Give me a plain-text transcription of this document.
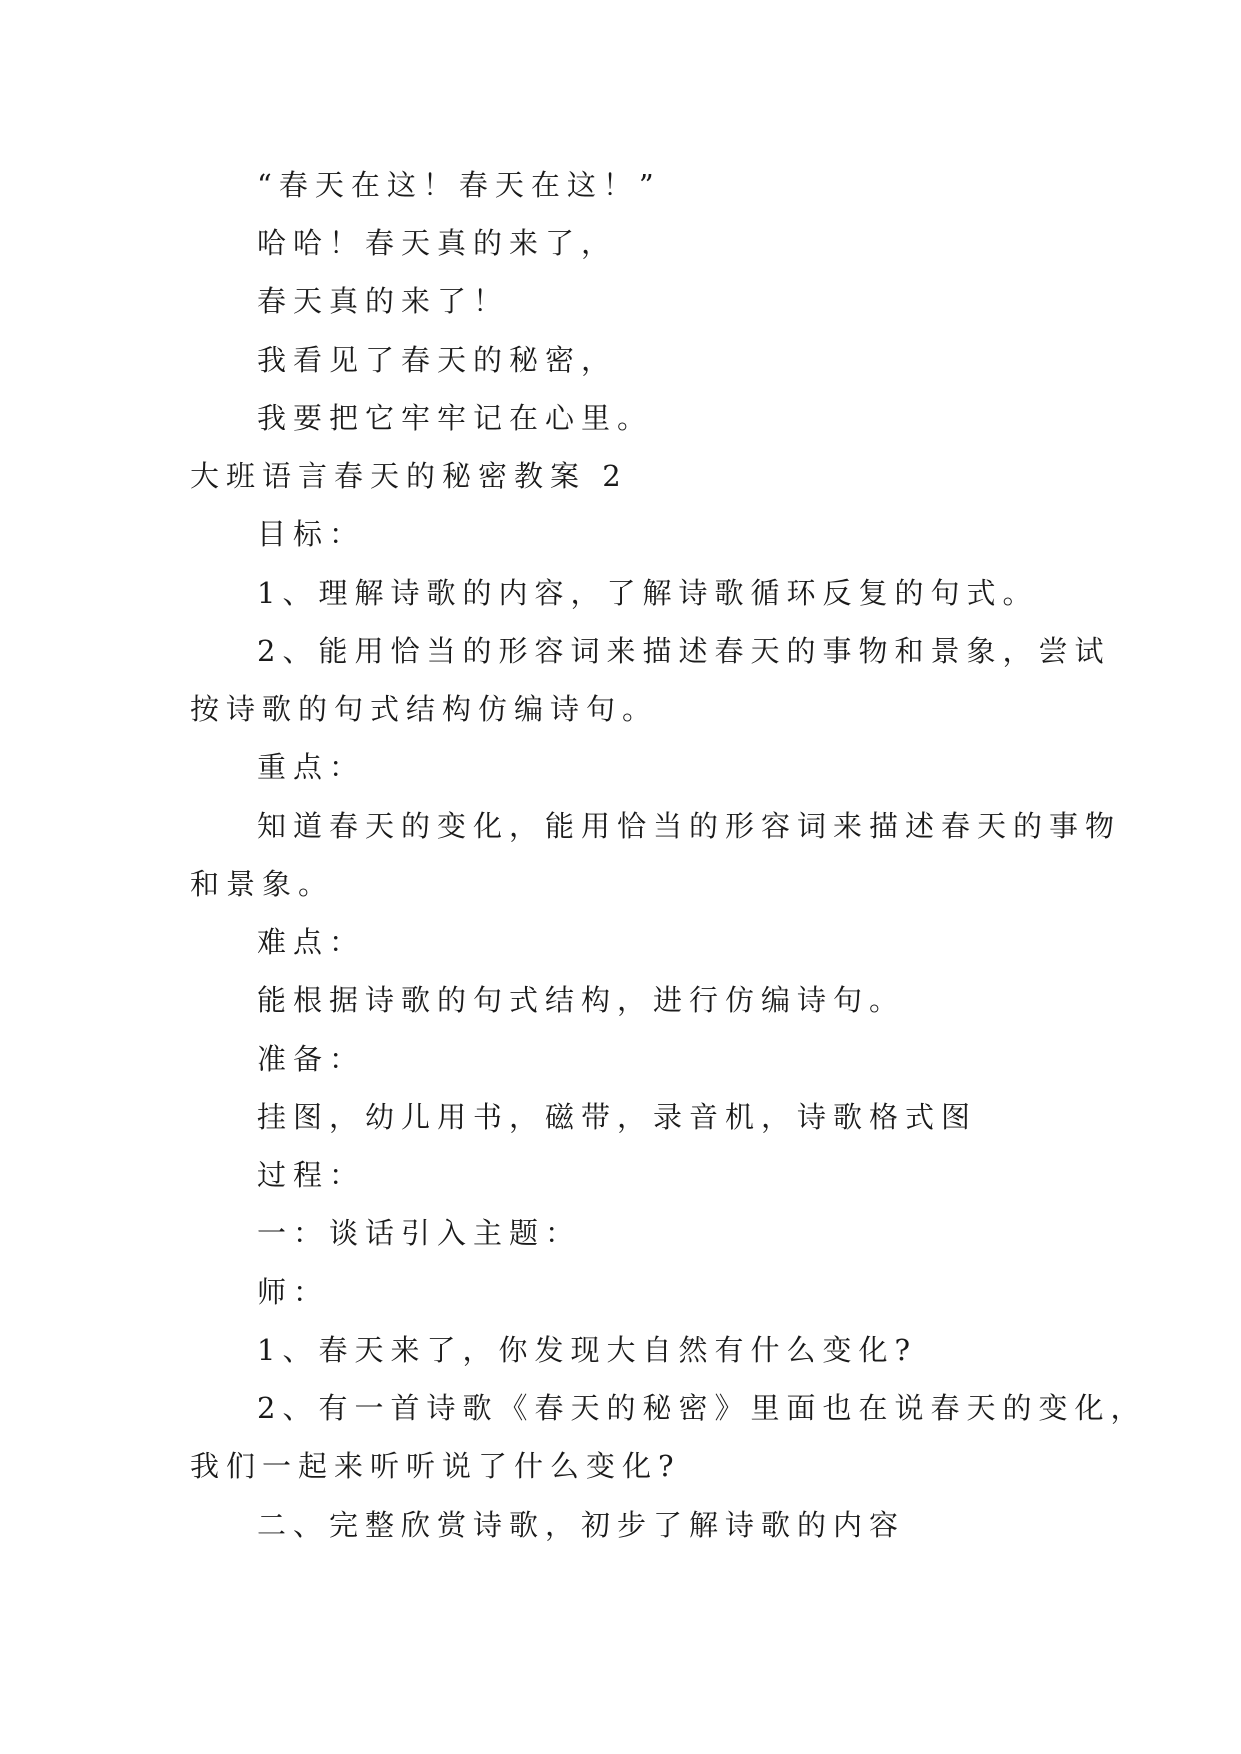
“春天在这！春天在这！”

哈哈！春天真的来了，

春天真的来了！

我看见了春天的秘密，

我要把它牢牢记在心里。

大班语言春天的秘密教案 2

目标：

1、理解诗歌的内容，了解诗歌循环反复的句式。

2、能用恰当的形容词来描述春天的事物和景象，尝试

按诗歌的句式结构仿编诗句。

重点：

知道春天的变化，能用恰当的形容词来描述春天的事物

和景象。

难点：

能根据诗歌的句式结构，进行仿编诗句。

准备：

挂图，幼儿用书，磁带，录音机，诗歌格式图

过程：

一：谈话引入主题：

师：

1、春天来了，你发现大自然有什么变化?

2、有一首诗歌《春天的秘密》里面也在说春天的变化，

我们一起来听听说了什么变化?

二、完整欣赏诗歌，初步了解诗歌的内容
